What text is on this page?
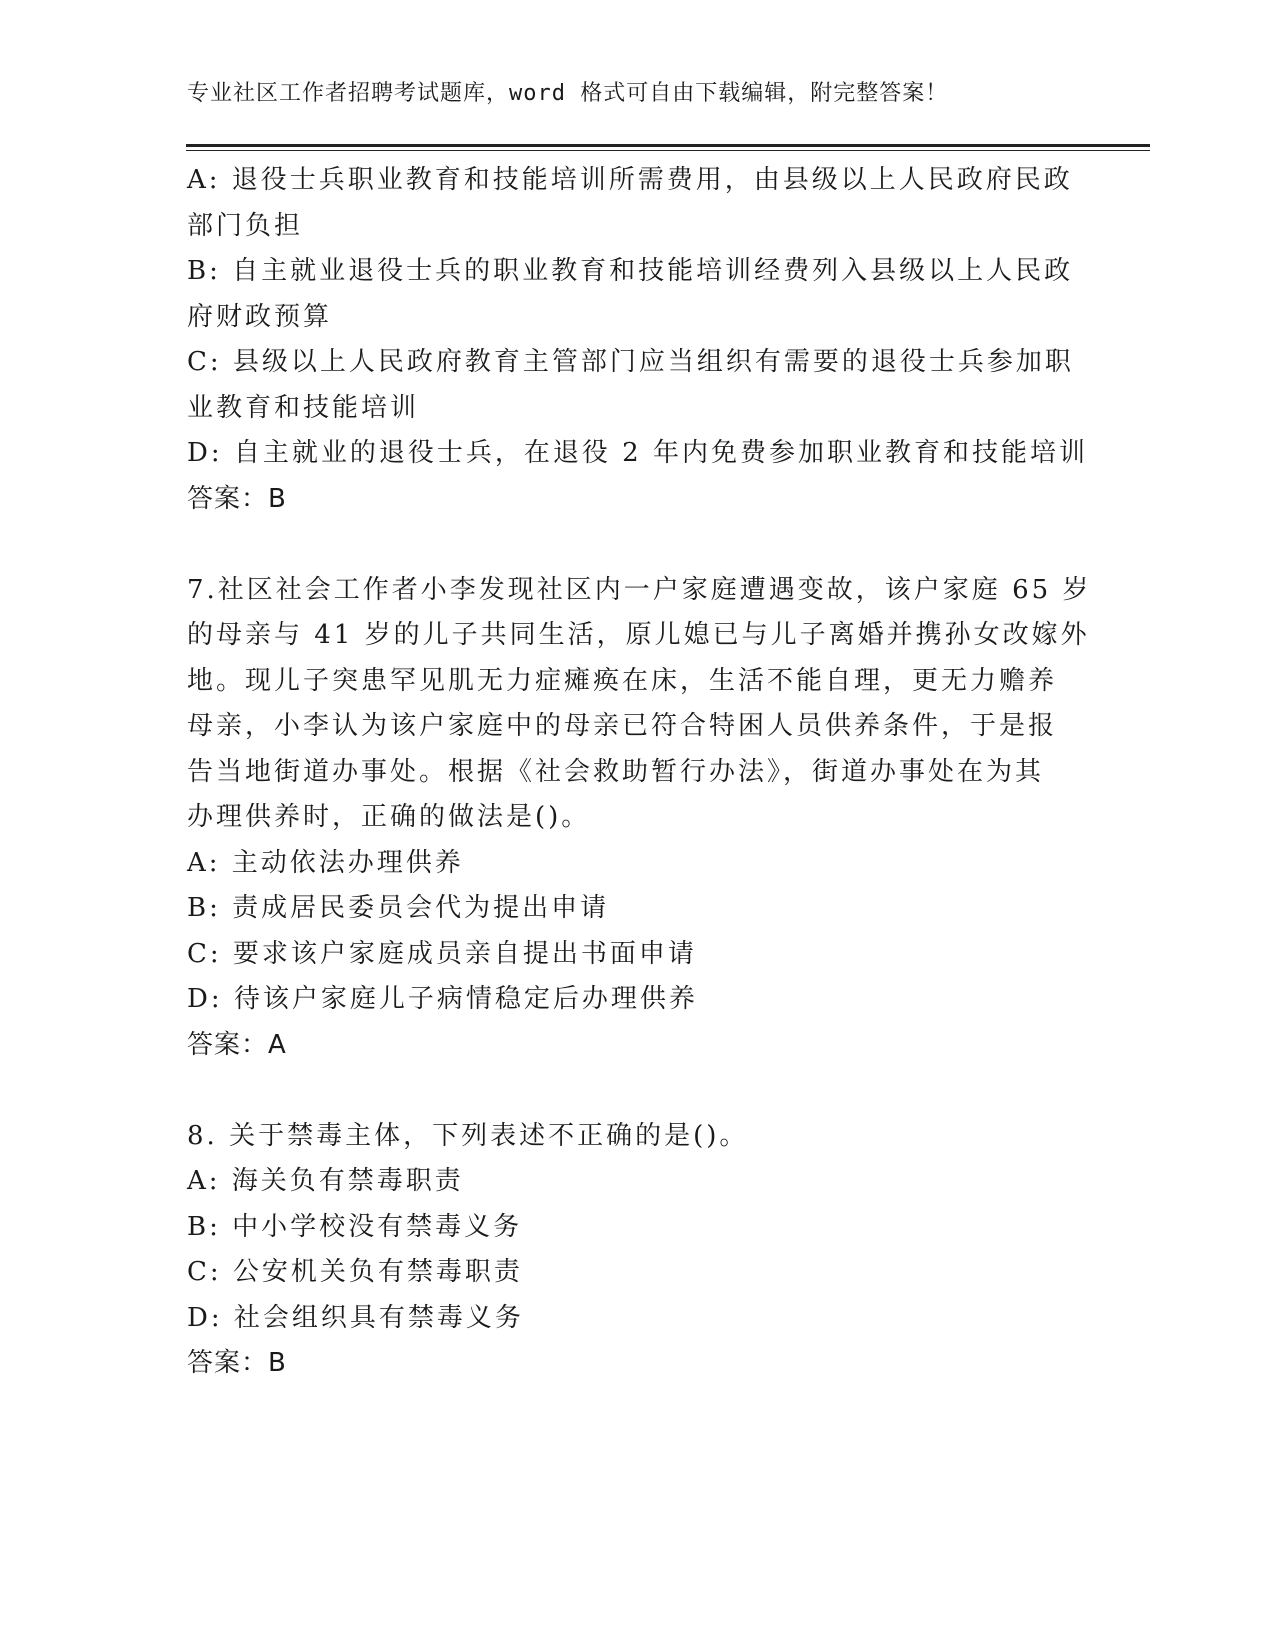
专业社区工作者招聘考试题库，word 格式可自由下载编辑，附完整答案！
A: 退役士兵职业教育和技能培训所需费用，由县级以上人民政府民政
部门负担
B: 自主就业退役士兵的职业教育和技能培训经费列入县级以上人民政
府财政预算
C: 县级以上人民政府教育主管部门应当组织有需要的退役士兵参加职
业教育和技能培训
D: 自主就业的退役士兵，在退役 2 年内免费参加职业教育和技能培训
答案：B
7.社区社会工作者小李发现社区内一户家庭遭遇变故，该户家庭 65 岁
的母亲与 41 岁的儿子共同生活，原儿媳已与儿子离婚并携孙女改嫁外
地。现儿子突患罕见肌无力症瘫痪在床，生活不能自理，更无力赡养
母亲，小李认为该户家庭中的母亲已符合特困人员供养条件，于是报
告当地街道办事处。根据《社会救助暂行办法》，街道办事处在为其
办理供养时，正确的做法是()。
A: 主动依法办理供养
B: 责成居民委员会代为提出申请
C: 要求该户家庭成员亲自提出书面申请
D: 待该户家庭儿子病情稳定后办理供养
答案：A
8. 关于禁毒主体，下列表述不正确的是()。
A: 海关负有禁毒职责
B: 中小学校没有禁毒义务
C: 公安机关负有禁毒职责
D: 社会组织具有禁毒义务
答案：B
